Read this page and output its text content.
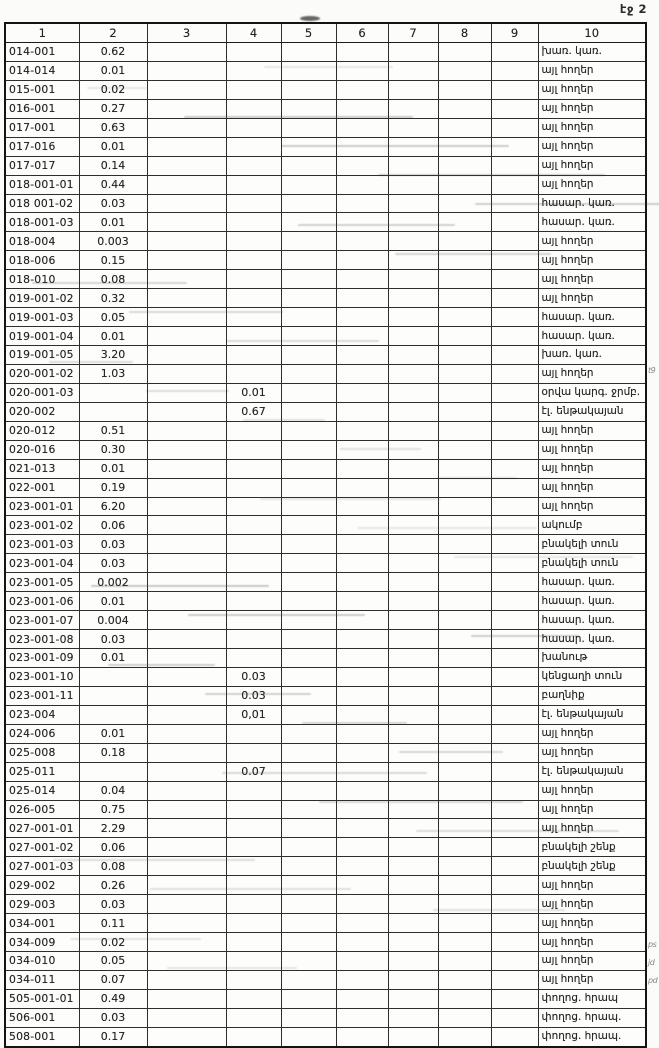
էջ 2
1	2	3	4	5	6	7	8	9	10
014-001	0.62								խառ. կառ.
014-014	0.01								այլ հողեր
015-001	0.02								այլ հողեր
016-001	0.27								այլ հողեր
017-001	0.63								այլ հողեր
017-016	0.01								այլ հողեր
017-017	0.14								այլ հողեր
018-001-01	0.44								այլ հողեր
018 001-02	0.03								հասար. կառ.
018-001-03	0.01								հասար. կառ.
018-004	0.003								այլ հողեր
018-006	0.15								այլ հողեր
018-010	0.08								այլ հողեր
019-001-02	0.32								այլ հողեր
019-001-03	0.05								հասար. կառ.
019-001-04	0.01								հասար. կառ.
019-001-05	3.20								խառ. կառ.
020-001-02	1.03								այլ հողեր
020-001-03			0.01						օրվա կարգ. ջրմբ.
020-002			0.67						էլ. ենթակայան
020-012	0.51								այլ հողեր
020-016	0.30								այլ հողեր
021-013	0.01								այլ հողեր
022-001	0.19								այլ հողեր
023-001-01	6.20								այլ հողեր
023-001-02	0.06								ակումբ
023-001-03	0.03								բնակելի տուն
023-001-04	0.03								բնակելի տուն
023-001-05	0.002								հասար. կառ.
023-001-06	0.01								հասար. կառ.
023-001-07	0.004								հասար. կառ.
023-001-08	0.03								հասար. կառ.
023-001-09	0.01								խանութ
023-001-10			0.03						կենցաղի տուն
023-001-11			0.03						բաղնիք
023-004			0,01						էլ. ենթակայան
024-006	0.01								այլ հողեր
025-008	0.18								այլ հողեր
025-011			0.07						էլ. ենթակայան
025-014	0.04								այլ հողեր
026-005	0.75								այլ հողեր
027-001-01	2.29								այլ հողեր
027-001-02	0.06								բնակելի շենք
027-001-03	0.08								բնակելի շենք
029-002	0.26								այլ հողեր
029-003	0.03								այլ հողեր
034-001	0.11								այլ հողեր
034-009	0.02								այլ հողեր
034-010	0.05								այլ հողեր
034-011	0.07								այլ հողեր
505-001-01	0.49								փողոց. հրապ
506-001	0.03								փողոց. հրապ.
508-001	0.17								փողոց. հրապ.
t9
ps
jd
pd
